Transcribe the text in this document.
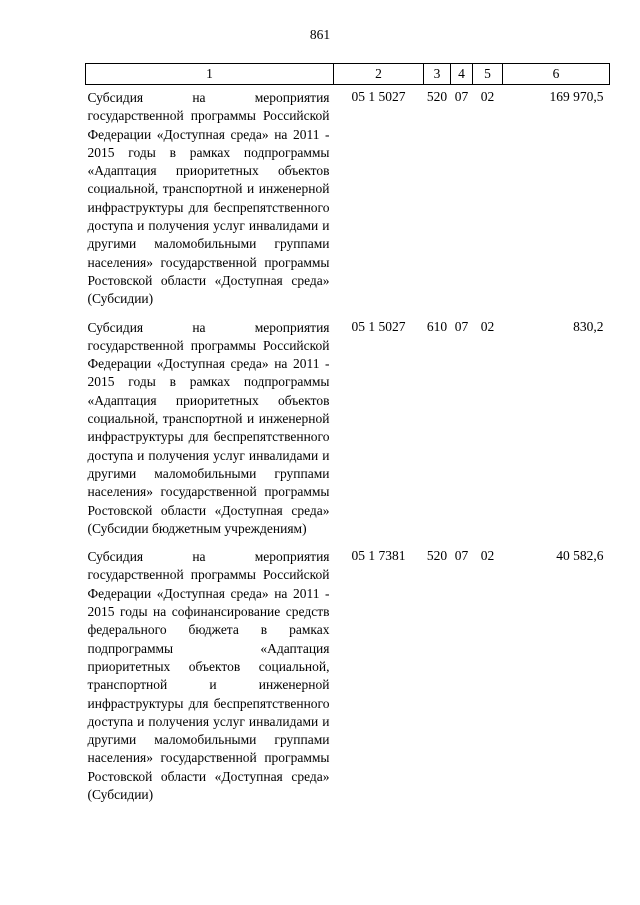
861
1	2	3	4	5	6
Субсидия на мероприятия государственной программы Российской Федерации «Доступная среда» на 2011 - 2015 годы в рамках подпрограммы «Адаптация приоритетных объектов социальной, транспортной и инженерной инфраструктуры для беспрепятственного доступа и получения услуг инвалидами и другими маломобильными группами населения» государственной программы Ростовской области «Доступная среда» (Субсидии)	05 1 5027	520	07	02	169 970,5
Субсидия на мероприятия государственной программы Российской Федерации «Доступная среда» на 2011 - 2015 годы в рамках подпрограммы «Адаптация приоритетных объектов социальной, транспортной и инженерной инфраструктуры для беспрепятственного доступа и получения услуг инвалидами и другими маломобильными группами населения» государственной программы Ростовской области «Доступная среда» (Субсидии бюджетным учреждениям)	05 1 5027	610	07	02	830,2
Субсидия на мероприятия государственной программы Российской Федерации «Доступная среда» на 2011 - 2015 годы на софинансирование средств федерального бюджета в рамках подпрограммы «Адаптация приоритетных объектов социальной, транспортной и инженерной инфраструктуры для беспрепятственного доступа и получения услуг инвалидами и другими маломобильными группами населения» государственной программы Ростовской области «Доступная среда» (Субсидии)	05 1 7381	520	07	02	40 582,6
